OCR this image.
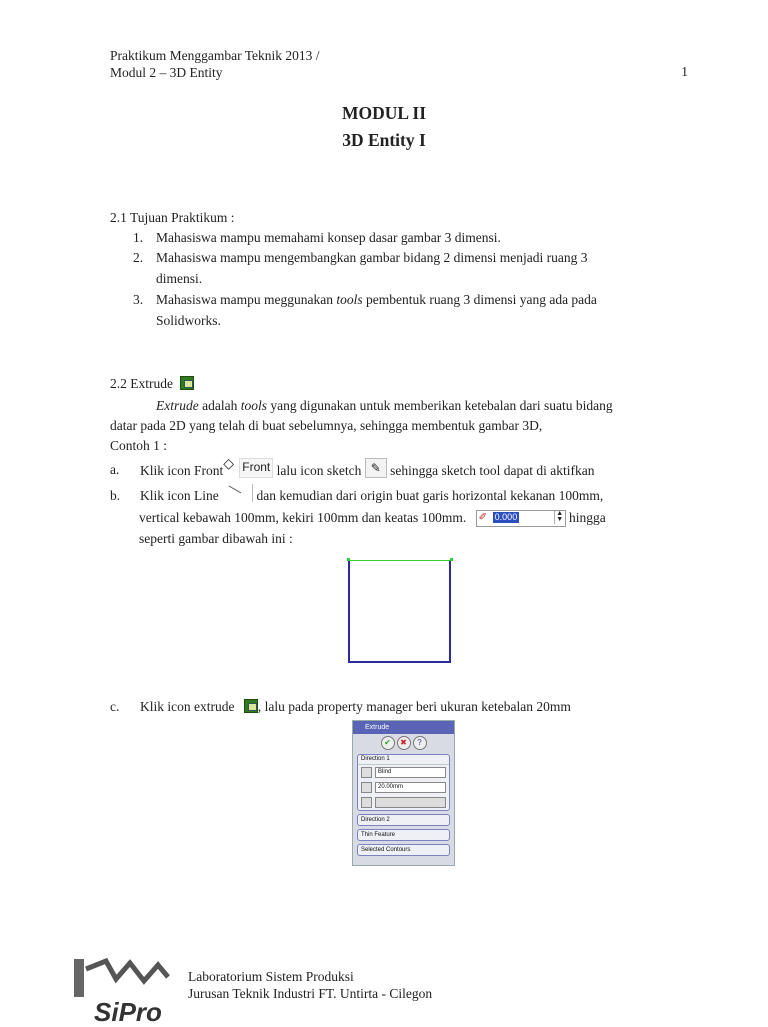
Praktikum Menggambar Teknik 2013 /
Modul 2 – 3D Entity	1
MODUL II
3D Entity I
2.1 Tujuan Praktikum :
1. Mahasiswa mampu memahami konsep dasar gambar 3 dimensi.
2. Mahasiswa mampu mengembangkan gambar bidang 2 dimensi menjadi ruang 3
dimensi.
3. Mahasiswa mampu meggunakan tools pembentuk ruang 3 dimensi yang ada pada
Solidworks.
2.2 Extrude
Extrude adalah tools yang digunakan untuk memberikan ketebalan dari suatu bidang
datar pada 2D yang telah di buat sebelumnya, sehingga membentuk gambar 3D,
Contoh 1 :
a. Klik icon Front◇ Front lalu icon sketch ✎ sehingga sketch tool dapat di aktifkan
b. Klik icon Line	dan kemudian dari origin buat garis horizontal kekanan 100mm,
vertical kebawah 100mm, kekiri 100mm dan keatas 100mm. ✐ 0.000	▲
▼ hingga
seperti gambar dibawah ini :
c. Klik icon extrude , lalu pada property manager beri ukuran ketebalan 20mm
Extrude
✔ ✖ ?
Direction 1
Blind
20.00mm
Direction 2
Thin Feature
Selected Contours
SiPro
Laboratorium Sistem Produksi
Jurusan Teknik Industri FT. Untirta - Cilegon
